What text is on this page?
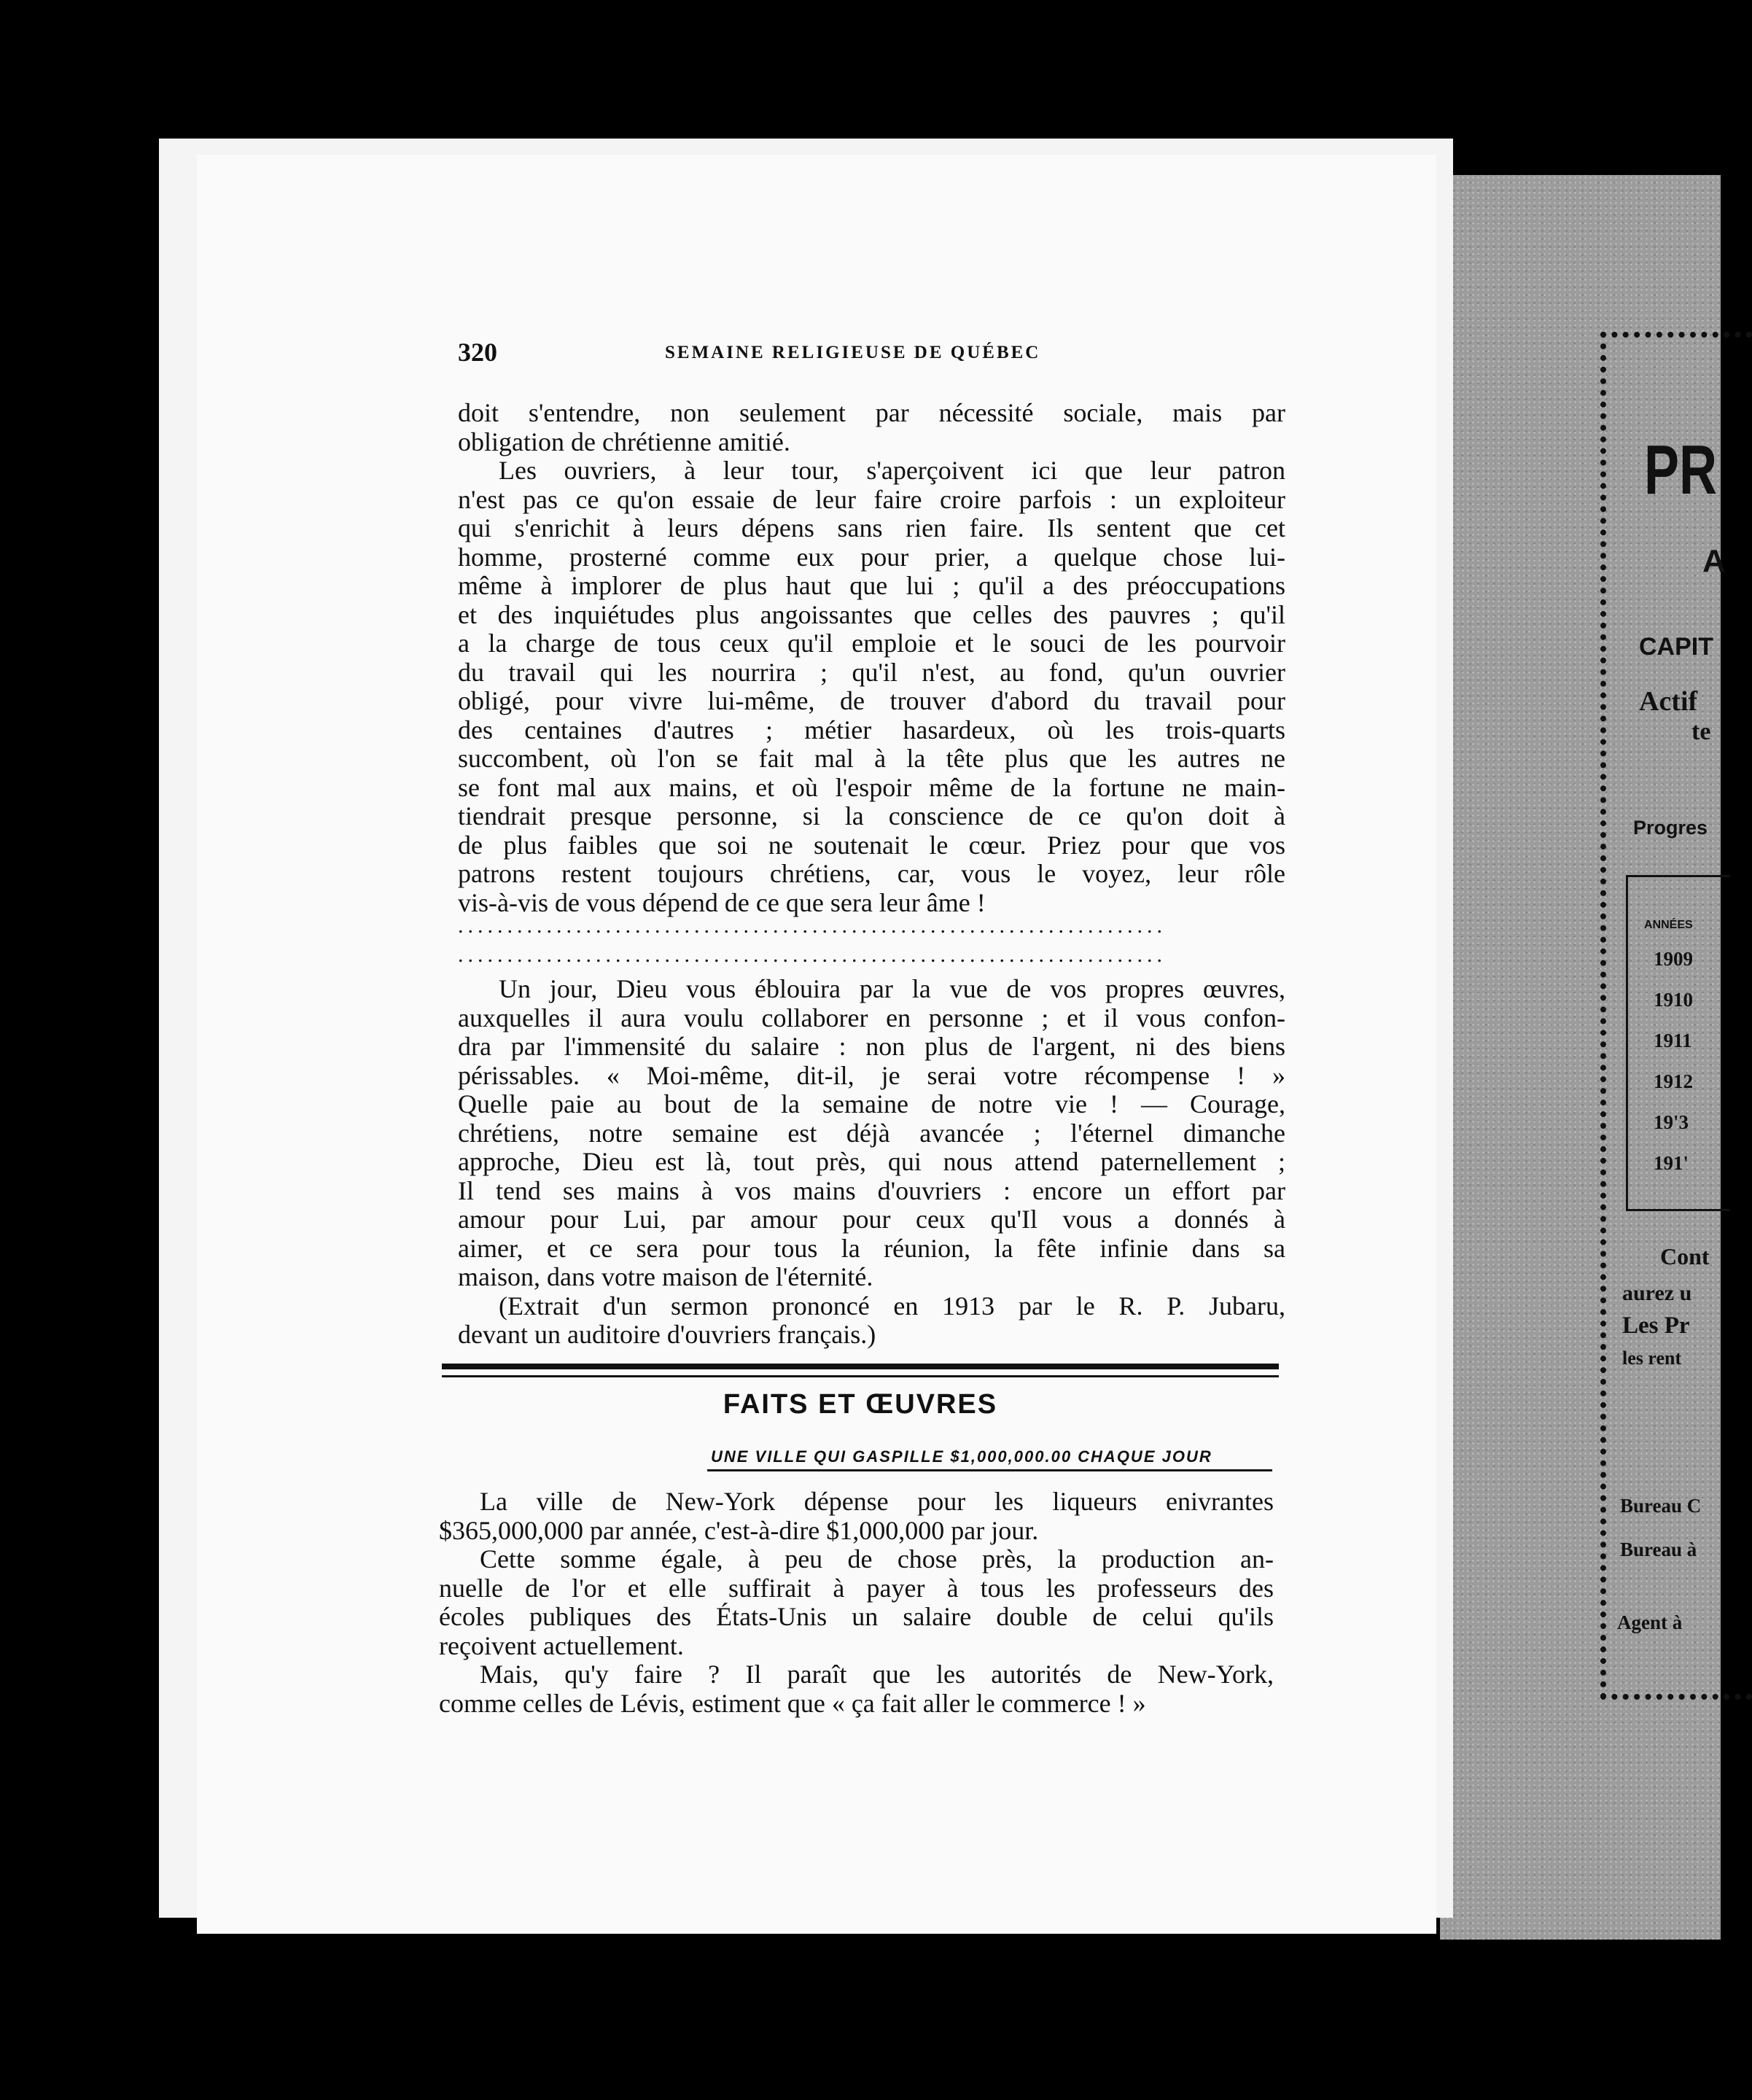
PR
A
CAPIT
Actif
te
Progres
ANNÉES
1909
1910
1911
1912
19'3
191'
Cont
aurez u
Les Pr
les rent
Bureau C
Bureau à
Agent à
320	SEMAINE RELIGIEUSE DE QUÉBEC
doit s'entendre, non seulement par nécessité sociale, mais par
obligation de chrétienne amitié.
Les ouvriers, à leur tour, s'aperçoivent ici que leur patron
n'est pas ce qu'on essaie de leur faire croire parfois : un exploiteur
qui s'enrichit à leurs dépens sans rien faire. Ils sentent que cet
homme, prosterné comme eux pour prier, a quelque chose lui-
même à implorer de plus haut que lui ; qu'il a des préoccupations
et des inquiétudes plus angoissantes que celles des pauvres ; qu'il
a la charge de tous ceux qu'il emploie et le souci de les pourvoir
du travail qui les nourrira ; qu'il n'est, au fond, qu'un ouvrier
obligé, pour vivre lui-même, de trouver d'abord du travail pour
des centaines d'autres ; métier hasardeux, où les trois-quarts
succombent, où l'on se fait mal à la tête plus que les autres ne
se font mal aux mains, et où l'espoir même de la fortune ne main-
tiendrait presque personne, si la conscience de ce qu'on doit à
de plus faibles que soi ne soutenait le cœur. Priez pour que vos
patrons restent toujours chrétiens, car, vous le voyez, leur rôle
vis-à-vis de vous dépend de ce que sera leur âme !
........................................................................
........................................................................
Un jour, Dieu vous éblouira par la vue de vos propres œuvres,
auxquelles il aura voulu collaborer en personne ; et il vous confon-
dra par l'immensité du salaire : non plus de l'argent, ni des biens
périssables. « Moi-même, dit-il, je serai votre récompense ! »
Quelle paie au bout de la semaine de notre vie ! — Courage,
chrétiens, notre semaine est déjà avancée ; l'éternel dimanche
approche, Dieu est là, tout près, qui nous attend paternellement ;
Il tend ses mains à vos mains d'ouvriers : encore un effort par
amour pour Lui, par amour pour ceux qu'Il vous a donnés à
aimer, et ce sera pour tous la réunion, la fête infinie dans sa
maison, dans votre maison de l'éternité.
(Extrait d'un sermon prononcé en 1913 par le R. P. Jubaru,
devant un auditoire d'ouvriers français.)
FAITS ET ŒUVRES
UNE VILLE QUI GASPILLE $1,000,000.00 CHAQUE JOUR
La ville de New-York dépense pour les liqueurs enivrantes
$365,000,000 par année, c'est-à-dire $1,000,000 par jour.
Cette somme égale, à peu de chose près, la production an-
nuelle de l'or et elle suffirait à payer à tous les professeurs des
écoles publiques des États-Unis un salaire double de celui qu'ils
reçoivent actuellement.
Mais, qu'y faire ? Il paraît que les autorités de New-York,
comme celles de Lévis, estiment que « ça fait aller le commerce ! »
